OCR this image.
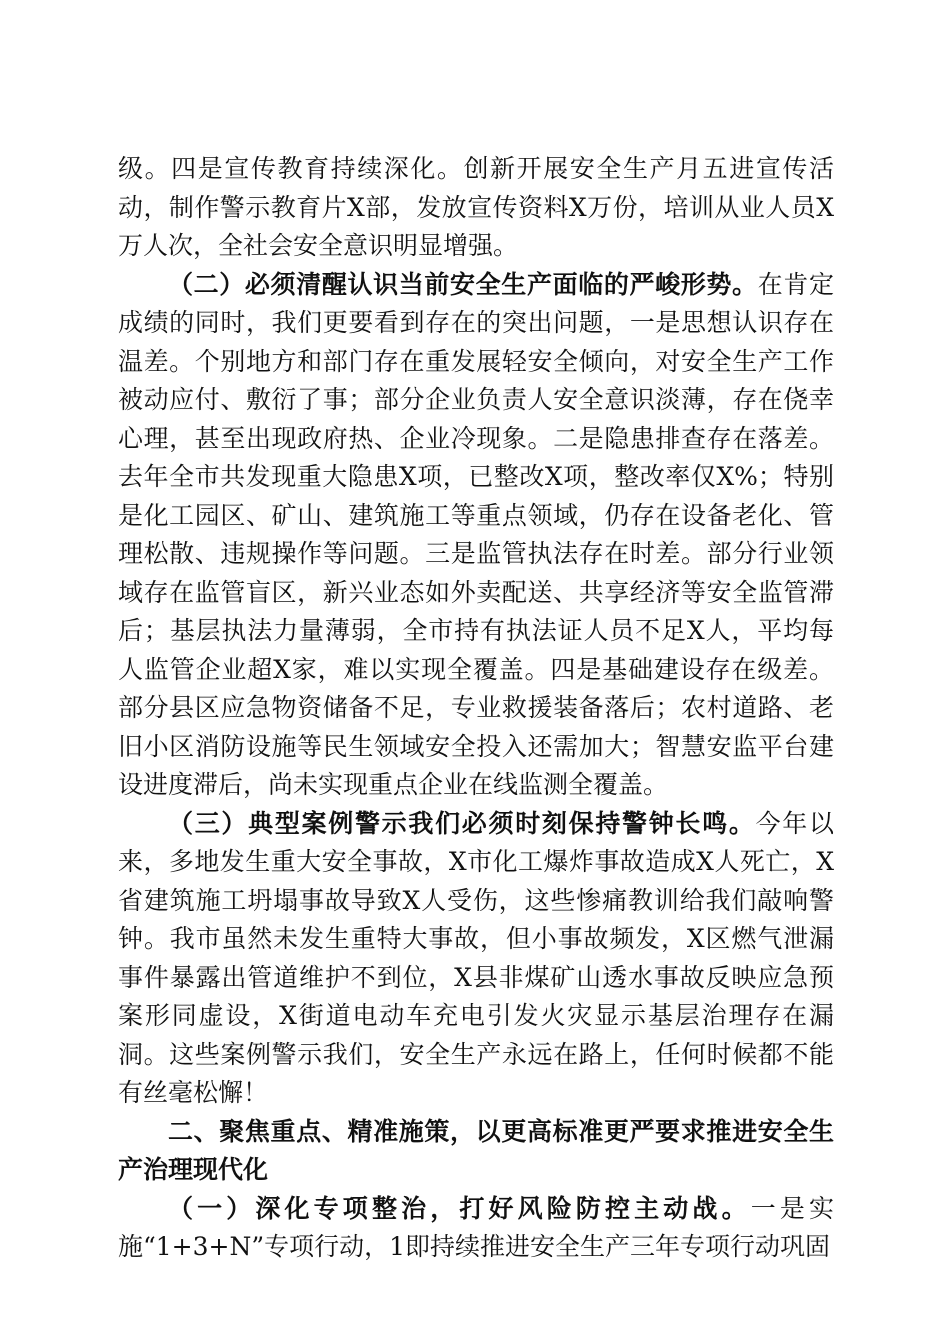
级。四是宣传教育持续深化。创新开展安全生产月五进宣传活动，制作警示教育片X部，发放宣传资料X万份，培训从业人员X万人次，全社会安全意识明显增强。

（二）必须清醒认识当前安全生产面临的严峻形势。在肯定成绩的同时，我们更要看到存在的突出问题，一是思想认识存在温差。个别地方和部门存在重发展轻安全倾向，对安全生产工作被动应付、敷衍了事；部分企业负责人安全意识淡薄，存在侥幸心理，甚至出现政府热、企业冷现象。二是隐患排查存在落差。去年全市共发现重大隐患X项，已整改X项，整改率仅X%；特别是化工园区、矿山、建筑施工等重点领域，仍存在设备老化、管理松散、违规操作等问题。三是监管执法存在时差。部分行业领域存在监管盲区，新兴业态如外卖配送、共享经济等安全监管滞后；基层执法力量薄弱，全市持有执法证人员不足X人，平均每人监管企业超X家，难以实现全覆盖。四是基础建设存在级差。部分县区应急物资储备不足，专业救援装备落后；农村道路、老旧小区消防设施等民生领域安全投入还需加大；智慧安监平台建设进度滞后，尚未实现重点企业在线监测全覆盖。

（三）典型案例警示我们必须时刻保持警钟长鸣。今年以来，多地发生重大安全事故，X市化工爆炸事故造成X人死亡，X省建筑施工坍塌事故导致X人受伤，这些惨痛教训给我们敲响警钟。我市虽然未发生重特大事故，但小事故频发，X区燃气泄漏事件暴露出管道维护不到位，X县非煤矿山透水事故反映应急预案形同虚设，X街道电动车充电引发火灾显示基层治理存在漏洞。这些案例警示我们，安全生产永远在路上，任何时候都不能有丝毫松懈！

二、聚焦重点、精准施策，以更高标准更严要求推进安全生产治理现代化

（一）深化专项整治，打好风险防控主动战。一是实施“1+3+N”专项行动，1即持续推进安全生产三年专项行动巩固
